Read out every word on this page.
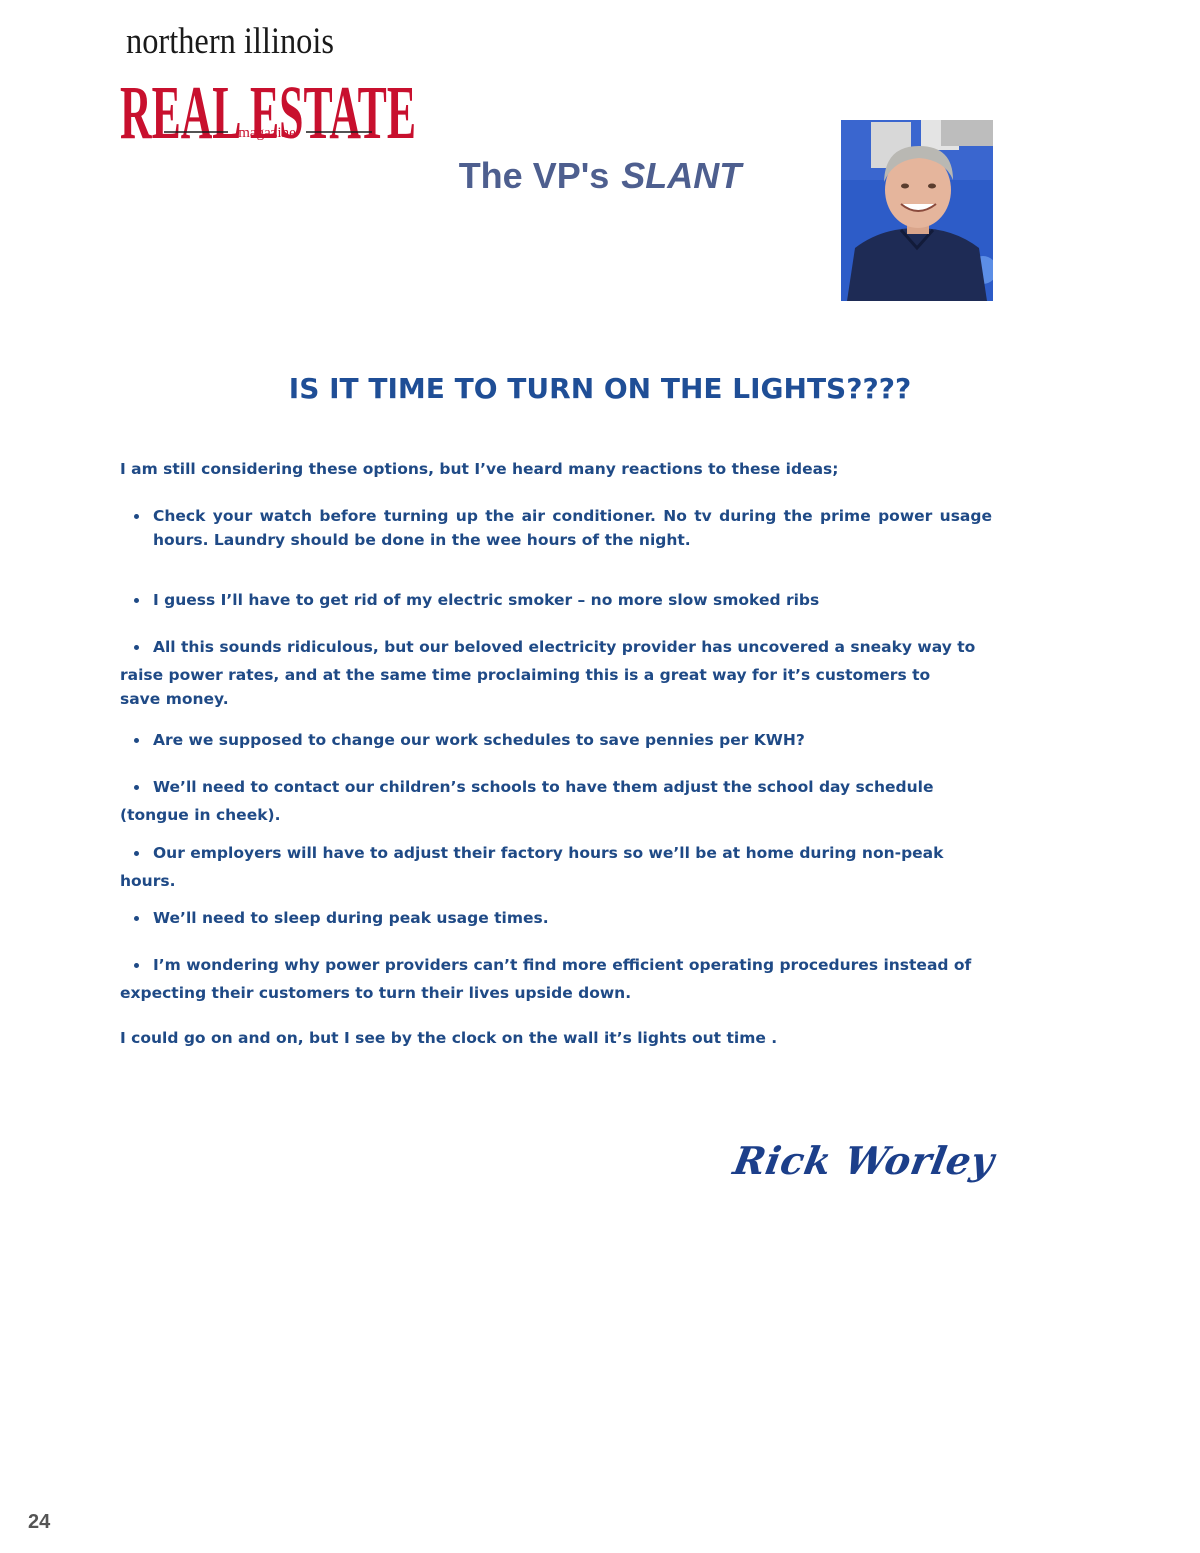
northern illinois
REAL ESTATE
magazine
The VP's SLANT
IS IT TIME TO TURN ON THE LIGHTS????
I am still considering these options, but I’ve heard many reactions to these ideas;
Check your watch before turning up the air conditioner. No tv during the prime power usage hours. Laundry should be done in the wee hours of the night.
I guess I’ll have to get rid of my electric smoker – no more slow smoked ribs
All this sounds ridiculous, but our beloved electricity provider has uncovered a sneaky way to
raise power rates, and at the same time proclaiming this is a great way for it’s customers to
save money.
Are we supposed to change our work schedules to save pennies per KWH?
We’ll need to contact our children’s schools to have them adjust the school day schedule
(tongue in cheek).
Our employers will have to adjust their factory hours so we’ll be at home during non-peak
hours.
We’ll need to sleep during peak usage times.
I’m wondering why power providers can’t find more efficient operating procedures instead of
expecting their customers to turn their lives upside down.
I could go on and on, but I see by the clock on the wall it’s lights out time .
Rick Worley
24
